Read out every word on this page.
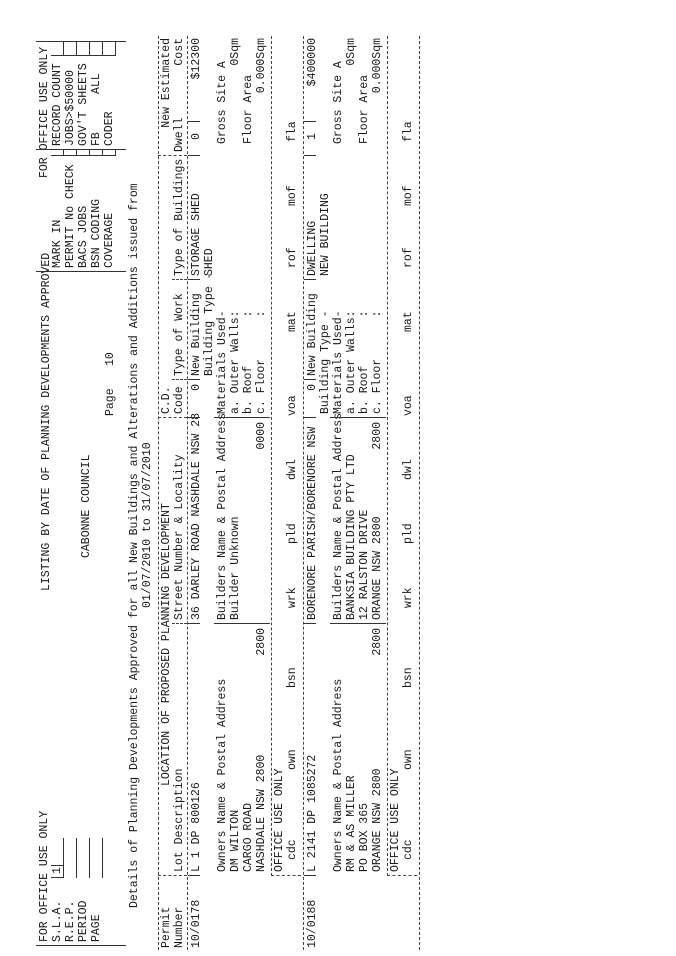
FOR OFFICE USE ONLY S.L.A.
1
R.E.P. PERIOD PAGE
LISTING BY DATE OF PLANNING DEVELOPMENTS APPROVED CABONNE COUNCIL
Page
10
FOR OFFICE USE ONLY
MARK IN PERMIT No CHECK BACS JOBS BSN CODING COVERAGE
RECORD COUNT JOBS>$50000 GOV'T SHEETS FB
ALL
CODER
Details of Planning Developments Approved for all New Buildings and Alterations and Additions issued from 01/07/2010 to 31/07/2010
Permit Number
LOCATION OF PROPOSED PLANNING DEVELOPMENT
Lot Description
Street Number & Locality
C.D. Code
Type of Work
Type of Buildings
New Estimated
Dwell
Cost
10/0178
L 1 DP 800126
36 DARLEY ROAD NASHDALE NSW 28
0
New Building
STORAGE SHED
0
$12300
Building Type -
SHED
Materials Used- a. Outer Walls: b. Roof       : c. Floor      :
Owners Name & Postal Address DM WILTON CARGO ROAD NASHDALE NSW 2800
2800
Builders Name & Postal Address Builder Unknown
0000
Gross Site A
0Sqm
Floor Area
0.000Sqm
OFFICE USE ONLY cdc
own
bsn
wrk
pld
dwl
voa
mat
rof
mof
fla
10/0188
L 2141 DP 1085272
BORENORE PARISH/BORENORE NSW
0
New Building
DWELLING
1
$400000
Building Type -
NEW BUILDING
Materials Used- a. Outer Walls: b. Roof       : c. Floor      :
Owners Name & Postal Address RM & AS MILLER PO BOX 365 ORANGE NSW 2800
2800
Builders Name & Postal Address BANKSIA BUILDING PTY LTD 12 RALSTON DRIVE ORANGE NSW 2800
2800
Gross Site A
0Sqm
Floor Area
0.000Sqm
OFFICE USE ONLY cdc
own
bsn
wrk
pld
dwl
voa
mat
rof
mof
fla
